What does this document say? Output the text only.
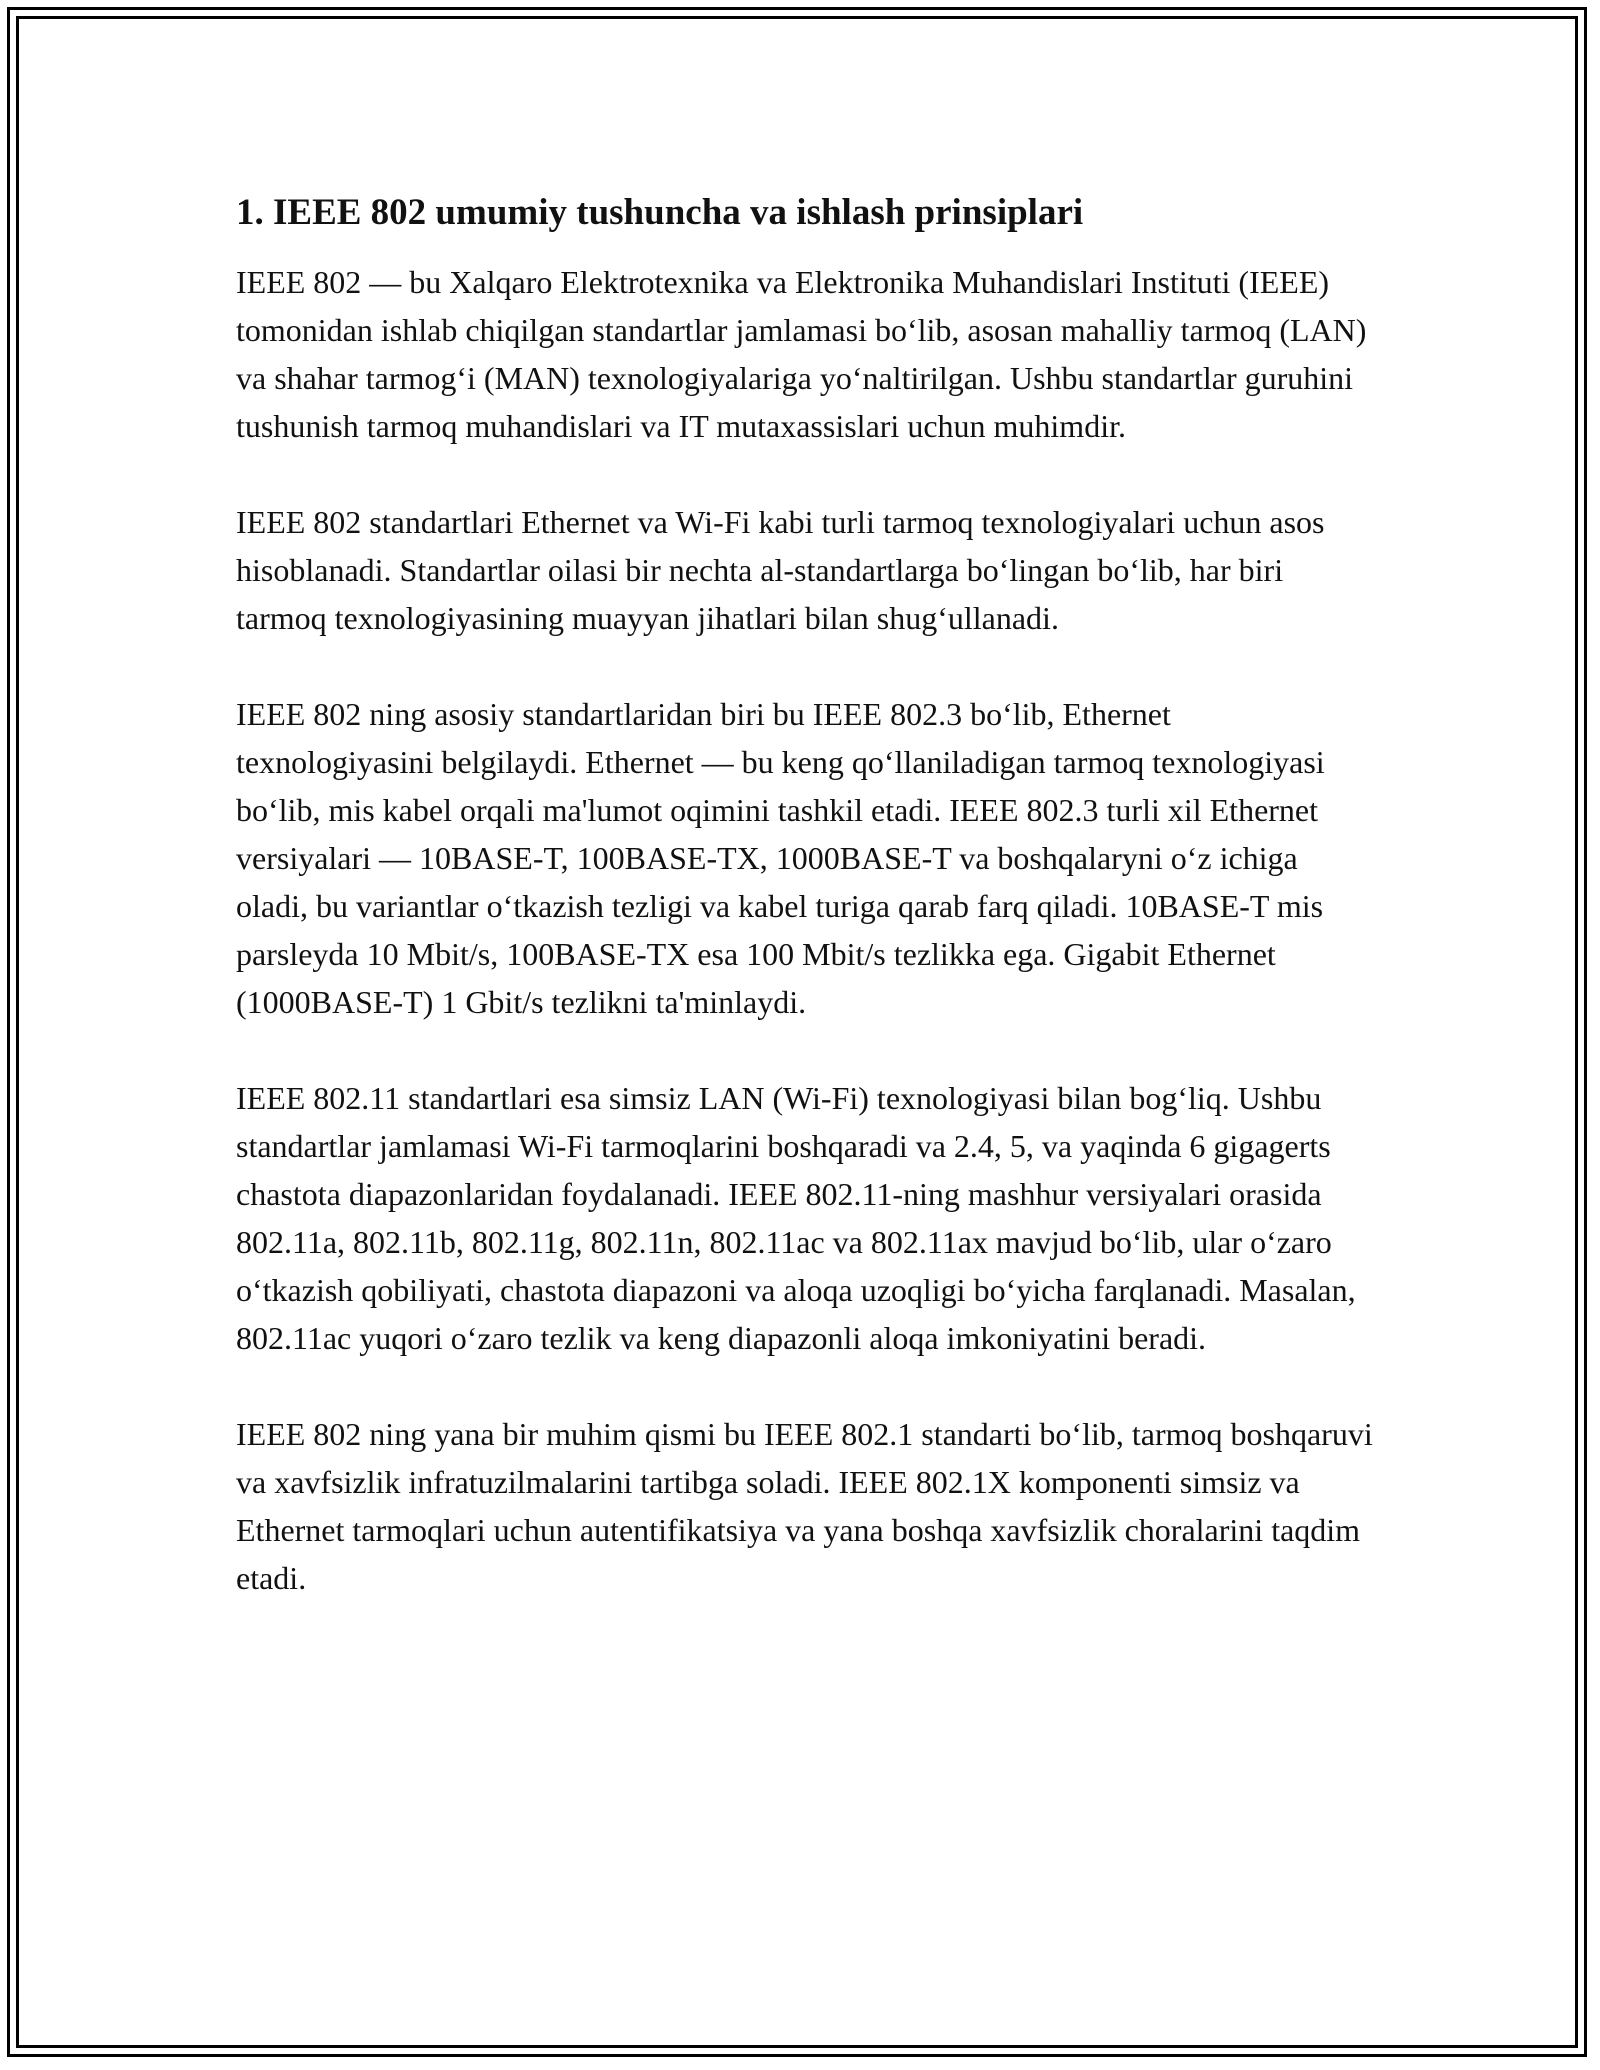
1. IEEE 802 umumiy tushuncha va ishlash prinsiplari

IEEE 802 — bu Xalqaro Elektrotexnika va Elektronika Muhandislari Instituti (IEEE) tomonidan ishlab chiqilgan standartlar jamlamasi bo‘lib, asosan mahalliy tarmoq (LAN) va shahar tarmog‘i (MAN) texnologiyalariga yo‘naltirilgan. Ushbu standartlar guruhini tushunish tarmoq muhandislari va IT mutaxassislari uchun muhimdir.

IEEE 802 standartlari Ethernet va Wi-Fi kabi turli tarmoq texnologiyalari uchun asos hisoblanadi. Standartlar oilasi bir nechta al-standartlarga bo‘lingan bo‘lib, har biri tarmoq texnologiyasining muayyan jihatlari bilan shug‘ullanadi.

IEEE 802 ning asosiy standartlaridan biri bu IEEE 802.3 bo‘lib, Ethernet texnologiyasini belgilaydi. Ethernet — bu keng qo‘llaniladigan tarmoq texnologiyasi bo‘lib, mis kabel orqali ma'lumot oqimini tashkil etadi. IEEE 802.3 turli xil Ethernet versiyalari — 10BASE-T, 100BASE-TX, 1000BASE-T va boshqalaryni o‘z ichiga oladi, bu variantlar o‘tkazish tezligi va kabel turiga qarab farq qiladi. 10BASE-T mis parsleyda 10 Mbit/s, 100BASE-TX esa 100 Mbit/s tezlikka ega. Gigabit Ethernet (1000BASE-T) 1 Gbit/s tezlikni ta'minlaydi.

IEEE 802.11 standartlari esa simsiz LAN (Wi-Fi) texnologiyasi bilan bog‘liq. Ushbu standartlar jamlamasi Wi-Fi tarmoqlarini boshqaradi va 2.4, 5, va yaqinda 6 gigagerts chastota diapazonlaridan foydalanadi. IEEE 802.11-ning mashhur versiyalari orasida 802.11a, 802.11b, 802.11g, 802.11n, 802.11ac va 802.11ax mavjud bo‘lib, ular o‘zaro o‘tkazish qobiliyati, chastota diapazoni va aloqa uzoqligi bo‘yicha farqlanadi. Masalan, 802.11ac yuqori o‘zaro tezlik va keng diapazonli aloqa imkoniyatini beradi.

IEEE 802 ning yana bir muhim qismi bu IEEE 802.1 standarti bo‘lib, tarmoq boshqaruvi va xavfsizlik infratuzilmalarini tartibga soladi. IEEE 802.1X komponenti simsiz va Ethernet tarmoqlari uchun autentifikatsiya va yana boshqa xavfsizlik choralarini taqdim etadi.
